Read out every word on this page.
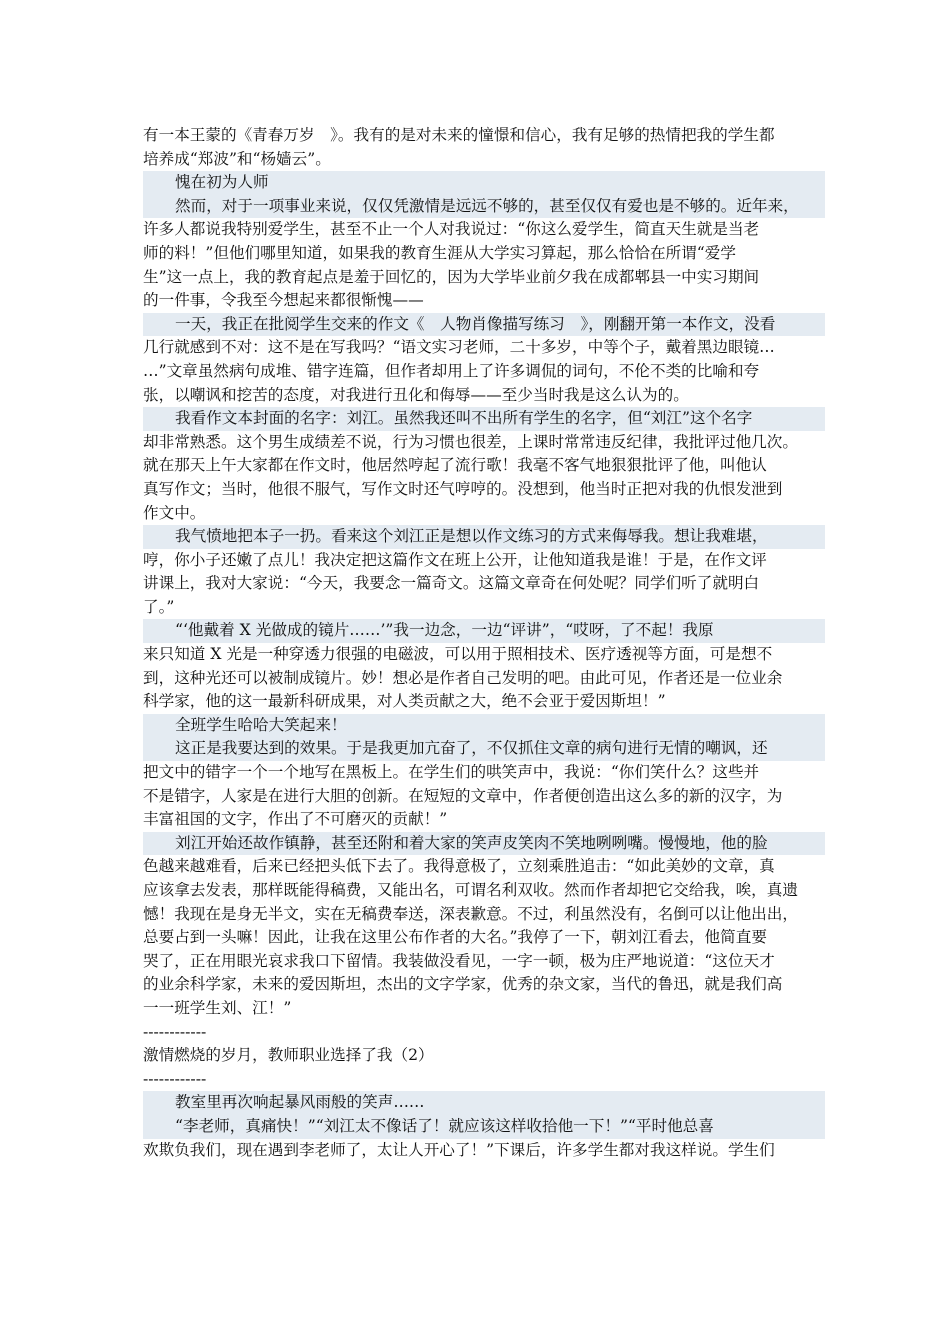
有一本王蒙的《青春万岁　》。我有的是对未来的憧憬和信心，我有足够的热情把我的学生都
培养成“郑波”和“杨嫱云”。
愧在初为人师
然而，对于一项事业来说，仅仅凭激情是远远不够的，甚至仅仅有爱也是不够的。近年来，
许多人都说我特别爱学生，甚至不止一个人对我说过：“你这么爱学生，简直天生就是当老
师的料！”但他们哪里知道，如果我的教育生涯从大学实习算起，那么恰恰在所谓“爱学
生”这一点上，我的教育起点是羞于回忆的，因为大学毕业前夕我在成都郫县一中实习期间
的一件事，令我至今想起来都很惭愧——
一天，我正在批阅学生交来的作文《　人物肖像描写练习　》，刚翻开第一本作文，没看
几行就感到不对：这不是在写我吗？“语文实习老师，二十多岁，中等个子，戴着黑边眼镜…
…”文章虽然病句成堆、错字连篇，但作者却用上了许多调侃的词句，不伦不类的比喻和夸
张，以嘲讽和挖苦的态度，对我进行丑化和侮辱——至少当时我是这么认为的。
我看作文本封面的名字：刘江。虽然我还叫不出所有学生的名字，但“刘江”这个名字
却非常熟悉。这个男生成绩差不说，行为习惯也很差，上课时常常违反纪律，我批评过他几次。
就在那天上午大家都在作文时，他居然哼起了流行歌！我毫不客气地狠狠批评了他，叫他认
真写作文；当时，他很不服气，写作文时还气哼哼的。没想到，他当时正把对我的仇恨发泄到
作文中。
我气愤地把本子一扔。看来这个刘江正是想以作文练习的方式来侮辱我。想让我难堪，
哼，你小子还嫩了点儿！我决定把这篇作文在班上公开，让他知道我是谁！于是，在作文评
讲课上，我对大家说：“今天，我要念一篇奇文。这篇文章奇在何处呢？同学们听了就明白
了。”
“‘他戴着 X 光做成的镜片……’”我一边念，一边“评讲”，“哎呀，了不起！我原
来只知道 X 光是一种穿透力很强的电磁波，可以用于照相技术、医疗透视等方面，可是想不
到，这种光还可以被制成镜片。妙！想必是作者自己发明的吧。由此可见，作者还是一位业余
科学家，他的这一最新科研成果，对人类贡献之大，绝不会亚于爱因斯坦！”
全班学生哈哈大笑起来！
这正是我要达到的效果。于是我更加亢奋了，不仅抓住文章的病句进行无情的嘲讽，还
把文中的错字一个一个地写在黑板上。在学生们的哄笑声中，我说：“你们笑什么？这些并
不是错字，人家是在进行大胆的创新。在短短的文章中，作者便创造出这么多的新的汉字，为
丰富祖国的文字，作出了不可磨灭的贡献！”
刘江开始还故作镇静，甚至还附和着大家的笑声皮笑肉不笑地咧咧嘴。慢慢地，他的脸
色越来越难看，后来已经把头低下去了。我得意极了，立刻乘胜追击：“如此美妙的文章，真
应该拿去发表，那样既能得稿费，又能出名，可谓名利双收。然而作者却把它交给我，唉，真遗
憾！我现在是身无半文，实在无稿费奉送，深表歉意。不过，利虽然没有，名倒可以让他出出，
总要占到一头嘛！因此，让我在这里公布作者的大名。”我停了一下，朝刘江看去，他简直要
哭了，正在用眼光哀求我口下留情。我装做没看见，一字一顿，极为庄严地说道：“这位天才
的业余科学家，未来的爱因斯坦，杰出的文字学家，优秀的杂文家，当代的鲁迅，就是我们高
一一班学生刘、江！”
------------
激情燃烧的岁月，教师职业选择了我（2）
------------
教室里再次响起暴风雨般的笑声……
“李老师，真痛快！”“刘江太不像话了！就应该这样收拾他一下！”“平时他总喜
欢欺负我们，现在遇到李老师了，太让人开心了！”下课后，许多学生都对我这样说。学生们
